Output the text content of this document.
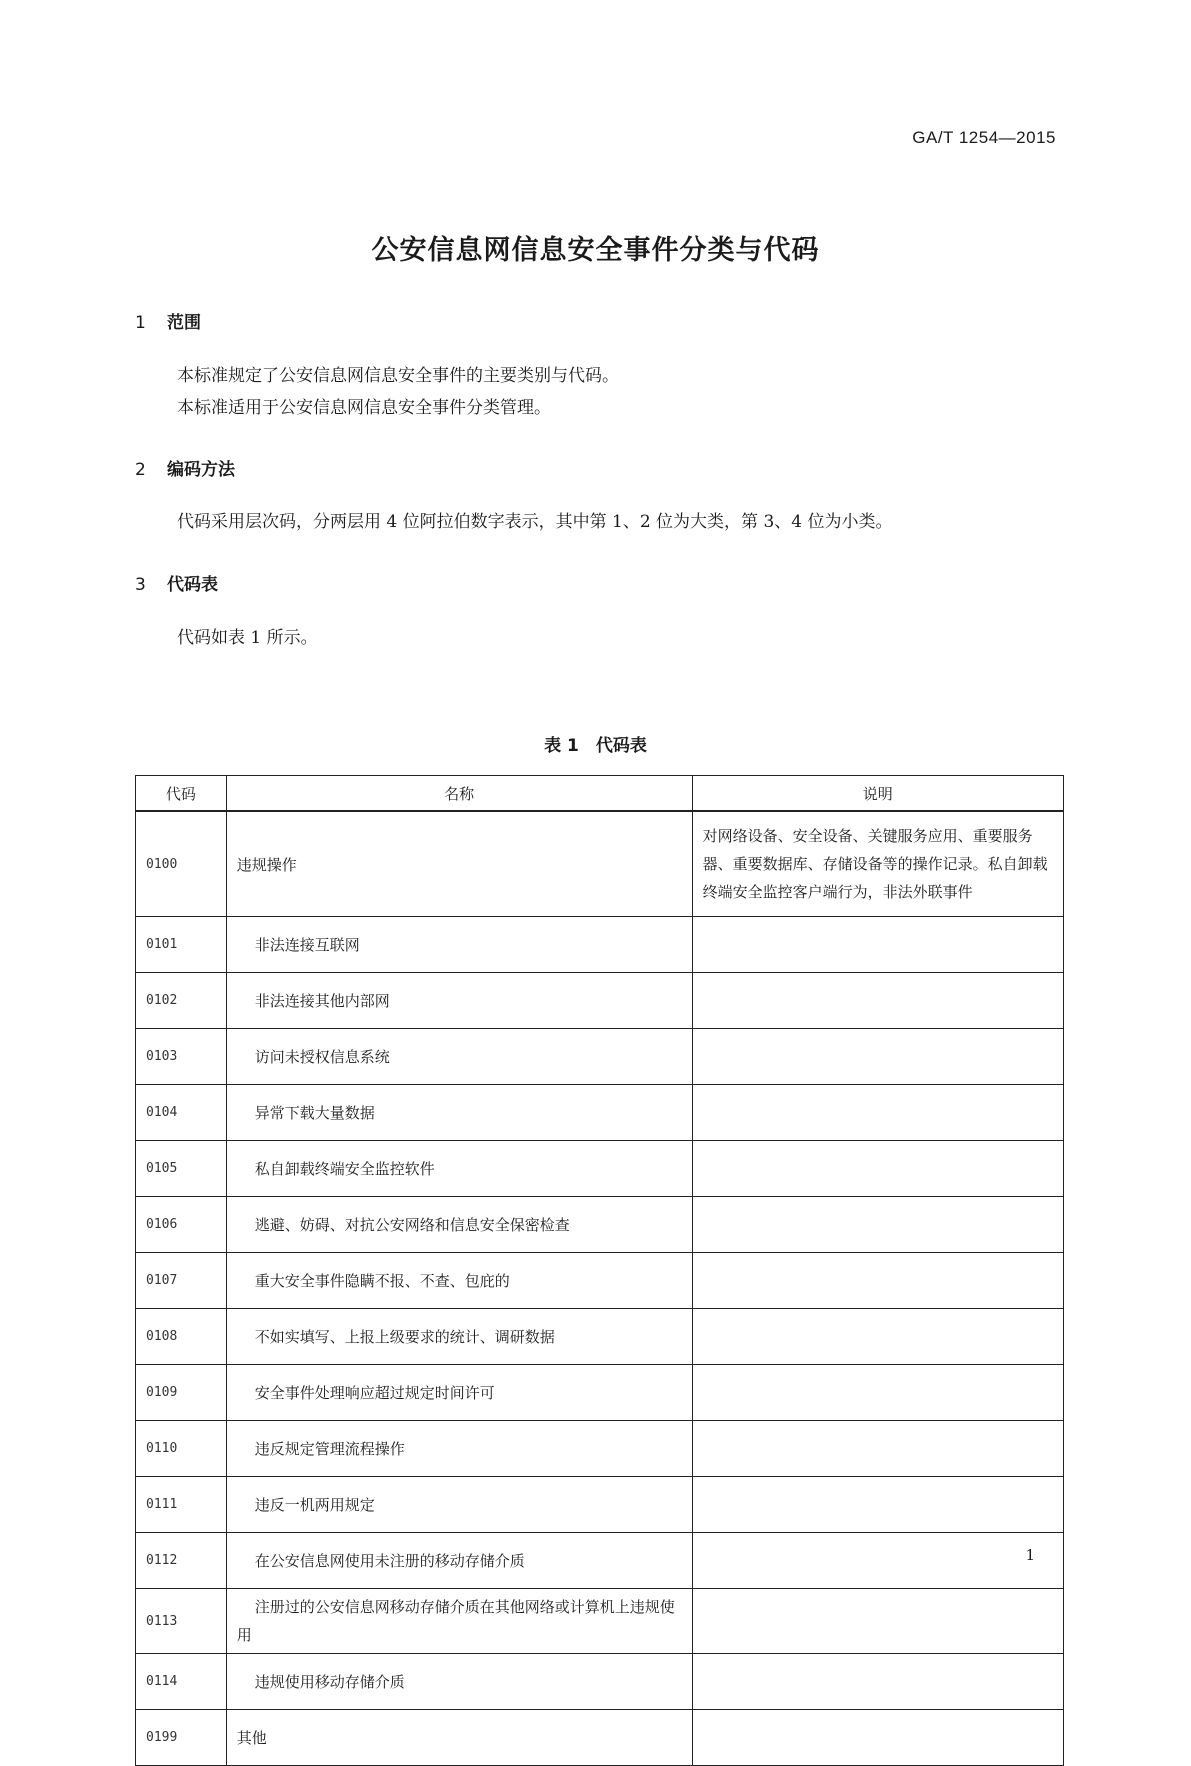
GA/T 1254—2015
公安信息网信息安全事件分类与代码
1 范围
本标准规定了公安信息网信息安全事件的主要类别与代码。
本标准适用于公安信息网信息安全事件分类管理。
2 编码方法
代码采用层次码，分两层用 4 位阿拉伯数字表示，其中第 1、2 位为大类，第 3、4 位为小类。
3 代码表
代码如表 1 所示。
表 1　代码表
代码	名称	说明
0100	违规操作	对网络设备、安全设备、关键服务应用、重要服务器、重要数据库、存储设备等的操作记录。私自卸载终端安全监控客户端行为，非法外联事件
0101	非法连接互联网	
0102	非法连接其他内部网	
0103	访问未授权信息系统	
0104	异常下载大量数据	
0105	私自卸载终端安全监控软件	
0106	逃避、妨碍、对抗公安网络和信息安全保密检查	
0107	重大安全事件隐瞒不报、不查、包庇的	
0108	不如实填写、上报上级要求的统计、调研数据	
0109	安全事件处理响应超过规定时间许可	
0110	违反规定管理流程操作	
0111	违反一机两用规定	
0112	在公安信息网使用未注册的移动存储介质	
0113	注册过的公安信息网移动存储介质在其他网络或计算机上违规使用	
0114	违规使用移动存储介质	
0199	其他	
1
